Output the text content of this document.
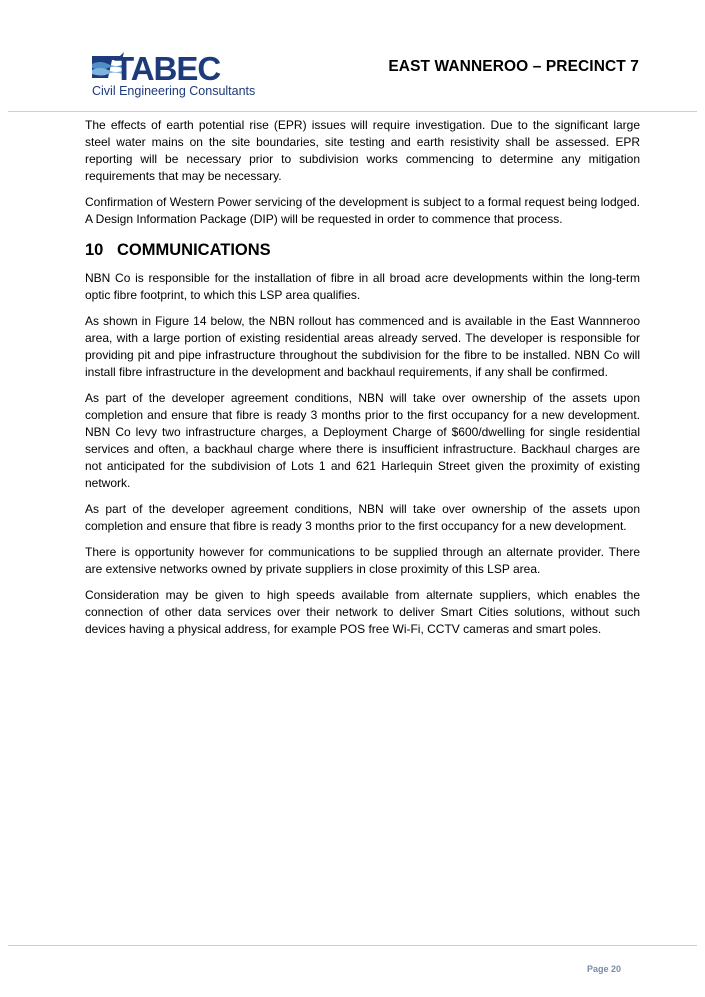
TABEC
Civil Engineering Consultants
EAST WANNEROO – PRECINCT 7

The effects of earth potential rise (EPR) issues will require investigation. Due to the significant large steel water mains on the site boundaries, site testing and earth resistivity shall be assessed. EPR reporting will be necessary prior to subdivision works commencing to determine any mitigation requirements that may be necessary.

Confirmation of Western Power servicing of the development is subject to a formal request being lodged. A Design Information Package (DIP) will be requested in order to commence that process.

10 COMMUNICATIONS

NBN Co is responsible for the installation of fibre in all broad acre developments within the long-term optic fibre footprint, to which this LSP area qualifies.

As shown in Figure 14 below, the NBN rollout has commenced and is available in the East Wannneroo area, with a large portion of existing residential areas already served. The developer is responsible for providing pit and pipe infrastructure throughout the subdivision for the fibre to be installed. NBN Co will install fibre infrastructure in the development and backhaul requirements, if any shall be confirmed.

As part of the developer agreement conditions, NBN will take over ownership of the assets upon completion and ensure that fibre is ready 3 months prior to the first occupancy for a new development. NBN Co levy two infrastructure charges, a Deployment Charge of $600/dwelling for single residential services and often, a backhaul charge where there is insufficient infrastructure. Backhaul charges are not anticipated for the subdivision of Lots 1 and 621 Harlequin Street given the proximity of existing network.

As part of the developer agreement conditions, NBN will take over ownership of the assets upon completion and ensure that fibre is ready 3 months prior to the first occupancy for a new development.

There is opportunity however for communications to be supplied through an alternate provider. There are extensive networks owned by private suppliers in close proximity of this LSP area.

Consideration may be given to high speeds available from alternate suppliers, which enables the connection of other data services over their network to deliver Smart Cities solutions, without such devices having a physical address, for example POS free Wi-Fi, CCTV cameras and smart poles.

Page 20
